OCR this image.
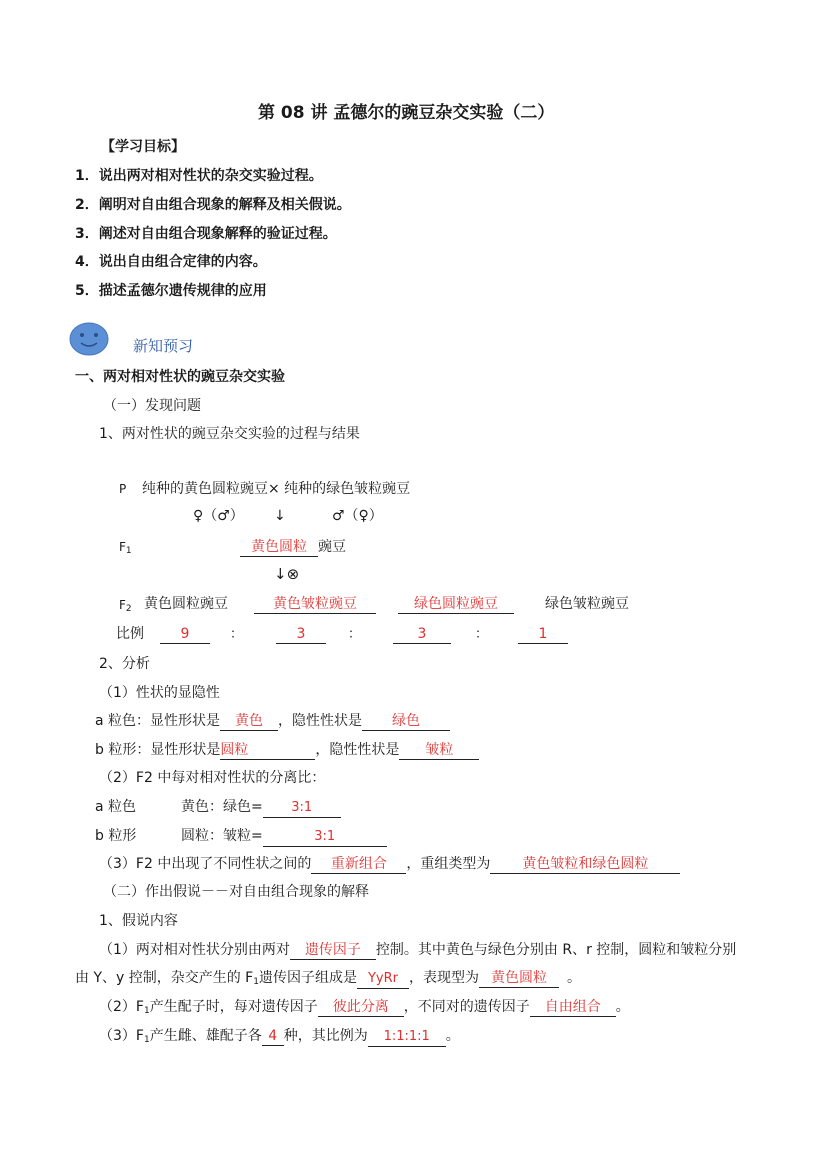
第 08 讲 孟德尔的豌豆杂交实验（二）
【学习目标】
1．说出两对相对性状的杂交实验过程。
2．阐明对自由组合现象的解释及相关假说。
3．阐述对自由组合现象解释的验证过程。
4．说出自由组合定律的内容。
5．描述孟德尔遗传规律的应用
新知预习
一、两对相对性状的豌豆杂交实验
（一）发现问题
1、两对性状的豌豆杂交实验的过程与结果
P 纯种的黄色圆粒豌豆× 纯种的绿色皱粒豌豆
♀（♂） ↓	♂（♀）
$F_1$	黄色圆粒 豌豆
↓⊗
$F_2$ 黄色圆粒豌豆	黄色皱粒豌豆	绿色圆粒豌豆	绿色皱粒豌豆
比例	9	：	3	：	3	：	1
2、分析
（1）性状的显隐性
a 粒色：显性形状是 黄色 ，隐性性状是 绿色
b 粒形：显性形状是圆粒	，隐性性状是 皱粒
（2）F2 中每对相对性状的分离比：
a 粒色	黄色：绿色= 3:1
b 粒形	圆粒：皱粒=	3:1
（3）F2 中出现了不同性状之间的 重新组合 ，重组类型为 黄色皱粒和绿色圆粒
（二）作出假说－－对自由组合现象的解释
1、假说内容
（1）两对相对性状分别由两对 遗传因子 控制。其中黄色与绿色分别由 R、r 控制，圆粒和皱粒分别
由 Y、y 控制，杂交产生的 $F_1$遗传因子组成是 YyRr ，表现型为 黄色圆粒 。
$(2)F_1$产生配子时，每对遗传因子 彼此分离 ，不同对的遗传因子 自由组合 。
$(3)F_1$产生雌、雄配子各 4 种，其比例为 1:1:1:1 。
